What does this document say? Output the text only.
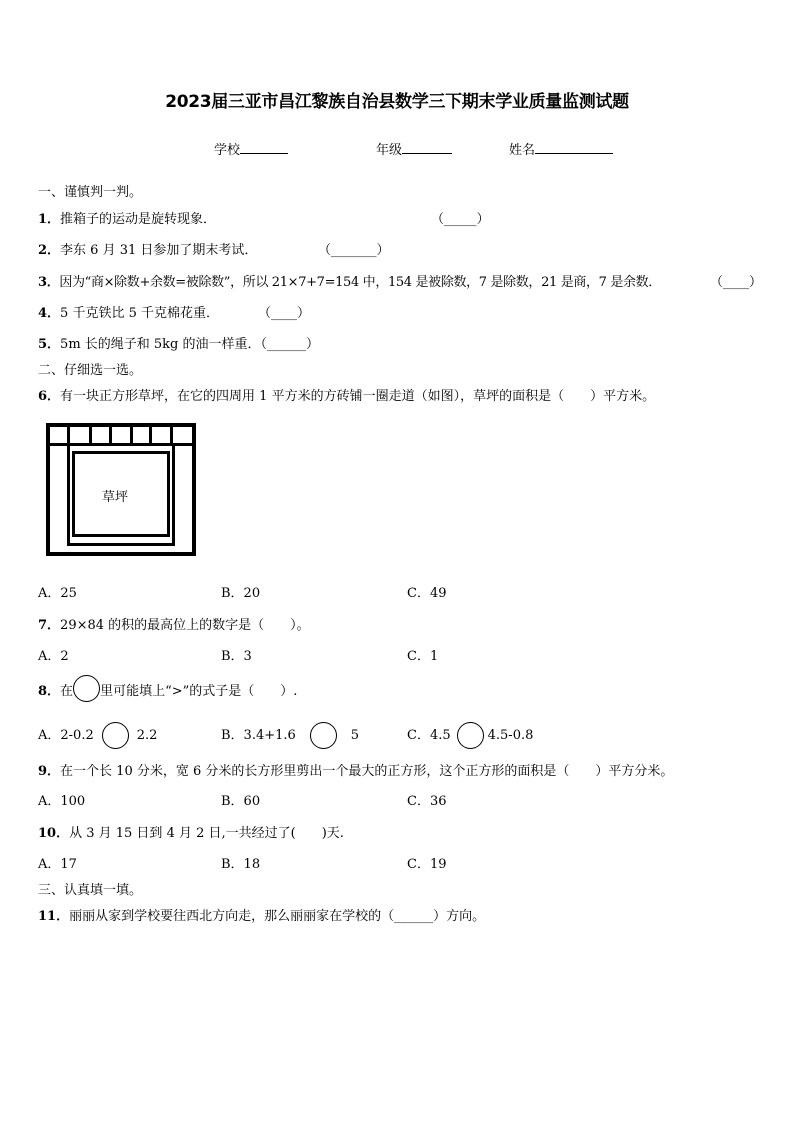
2023届三亚市昌江黎族自治县数学三下期末学业质量监测试题
学校	年级	姓名
一、谨慎判一判。
1．推箱子的运动是旋转现象．	（_____）
2．李东 6 月 31 日参加了期末考试．	（_______）
3．因为“商×除数+余数=被除数”，所以 21×7+7=154 中，154 是被除数，7 是除数，21 是商，7 是余数．	（____）
4．5 千克铁比 5 千克棉花重．	（____）
5．5m 长的绳子和 5kg 的油一样重．（______）
二、仔细选一选。
6．有一块正方形草坪，在它的四周用 1 平方米的方砖铺一圈走道（如图），草坪的面积是（　　）平方米。
草坪
A．25	B．20	C．49
7．29×84 的积的最高位上的数字是（　　）。
A．2	B．3	C．1
8．在 里可能填上“>”的式子是（　　）.
A．2-0.2	2.2	B．3.4+1.6	5	C．4.5	4.5-0.8
9．在一个长 10 分米，宽 6 分米的长方形里剪出一个最大的正方形，这个正方形的面积是（　　）平方分米。
A．100	B．60	C．36
10．从 3 月 15 日到 4 月 2 日,一共经过了(　　)天.
A．17	B．18	C．19
三、认真填一填。
11．丽丽从家到学校要往西北方向走，那么丽丽家在学校的（______）方向。
